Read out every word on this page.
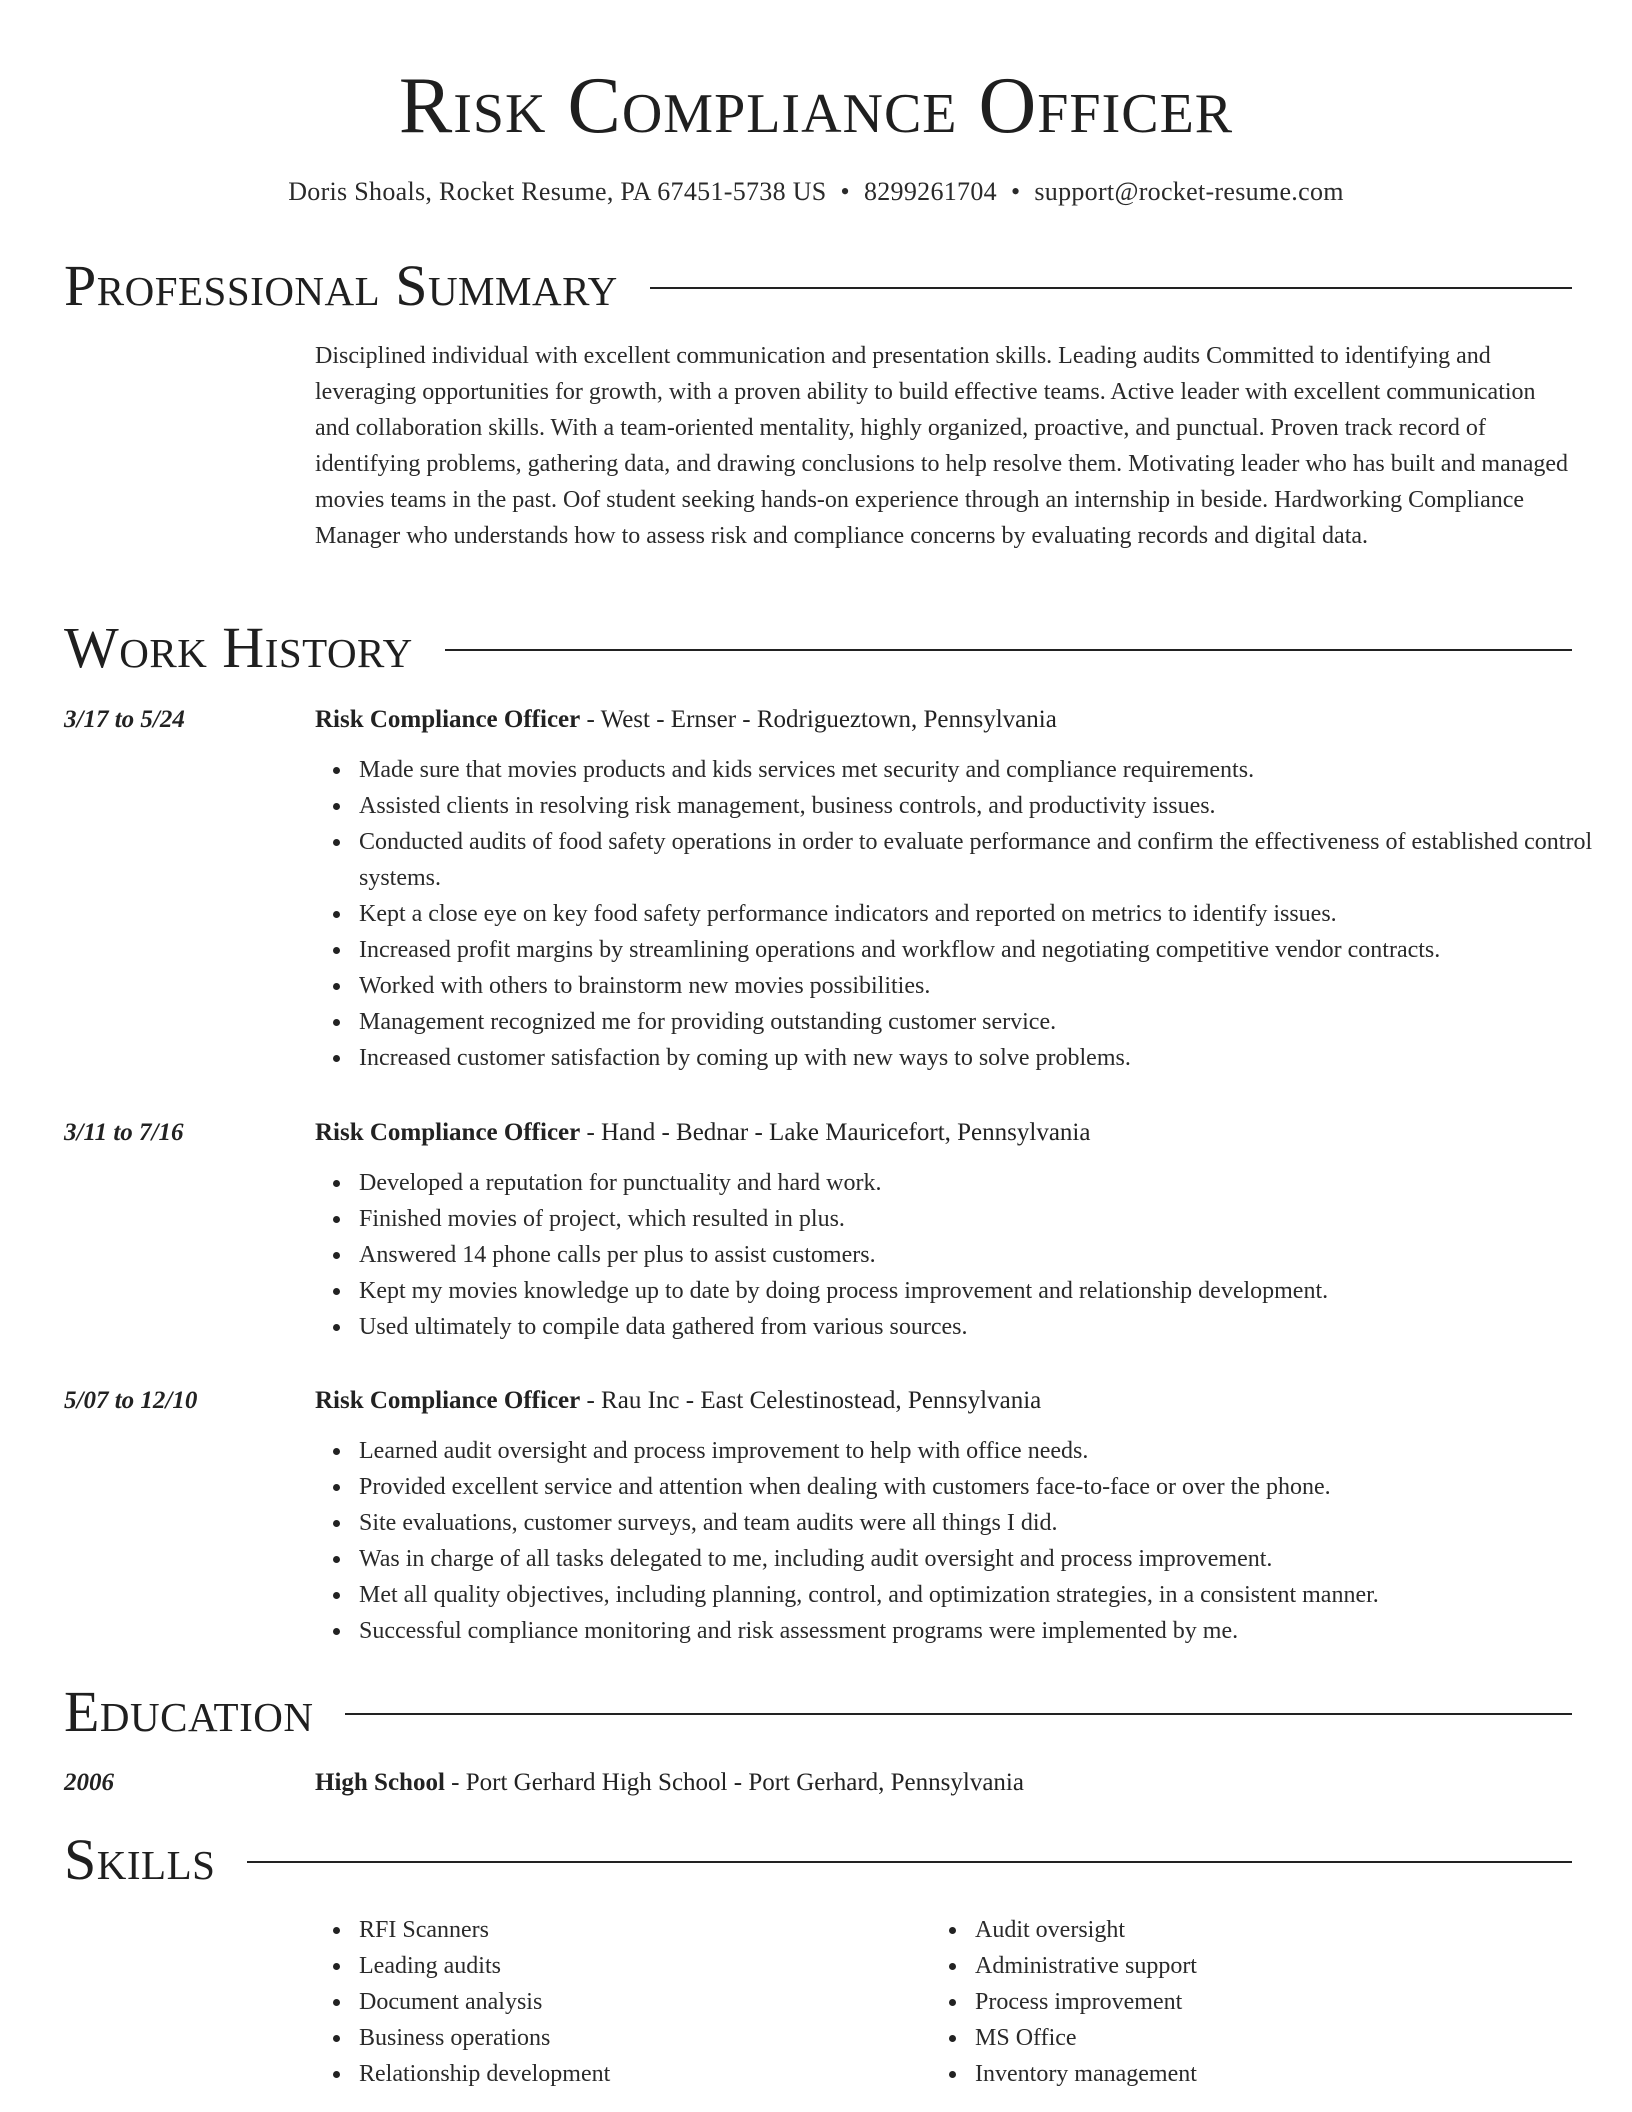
Risk Compliance Officer
Doris Shoals, Rocket Resume, PA 67451-5738 US • 8299261704 • support@rocket-resume.com
Professional Summary
Disciplined individual with excellent communication and presentation skills. Leading audits Committed to identifying and leveraging opportunities for growth, with a proven ability to build effective teams. Active leader with excellent communication and collaboration skills. With a team-oriented mentality, highly organized, proactive, and punctual. Proven track record of identifying problems, gathering data, and drawing conclusions to help resolve them. Motivating leader who has built and managed movies teams in the past. Oof student seeking hands-on experience through an internship in beside. Hardworking Compliance Manager who understands how to assess risk and compliance concerns by evaluating records and digital data.
Work History
3/17 to 5/24	Risk Compliance Officer - West - Ernser - Rodrigueztown, Pennsylvania
Made sure that movies products and kids services met security and compliance requirements.
Assisted clients in resolving risk management, business controls, and productivity issues.
Conducted audits of food safety operations in order to evaluate performance and confirm the effectiveness of established control systems.
Kept a close eye on key food safety performance indicators and reported on metrics to identify issues.
Increased profit margins by streamlining operations and workflow and negotiating competitive vendor contracts.
Worked with others to brainstorm new movies possibilities.
Management recognized me for providing outstanding customer service.
Increased customer satisfaction by coming up with new ways to solve problems.
3/11 to 7/16	Risk Compliance Officer - Hand - Bednar - Lake Mauricefort, Pennsylvania
Developed a reputation for punctuality and hard work.
Finished movies of project, which resulted in plus.
Answered 14 phone calls per plus to assist customers.
Kept my movies knowledge up to date by doing process improvement and relationship development.
Used ultimately to compile data gathered from various sources.
5/07 to 12/10	Risk Compliance Officer - Rau Inc - East Celestinostead, Pennsylvania
Learned audit oversight and process improvement to help with office needs.
Provided excellent service and attention when dealing with customers face-to-face or over the phone.
Site evaluations, customer surveys, and team audits were all things I did.
Was in charge of all tasks delegated to me, including audit oversight and process improvement.
Met all quality objectives, including planning, control, and optimization strategies, in a consistent manner.
Successful compliance monitoring and risk assessment programs were implemented by me.
Education
2006	High School - Port Gerhard High School - Port Gerhard, Pennsylvania
Skills
RFI Scanners
Leading audits
Document analysis
Business operations
Relationship development
Audit oversight
Administrative support
Process improvement
MS Office
Inventory management
